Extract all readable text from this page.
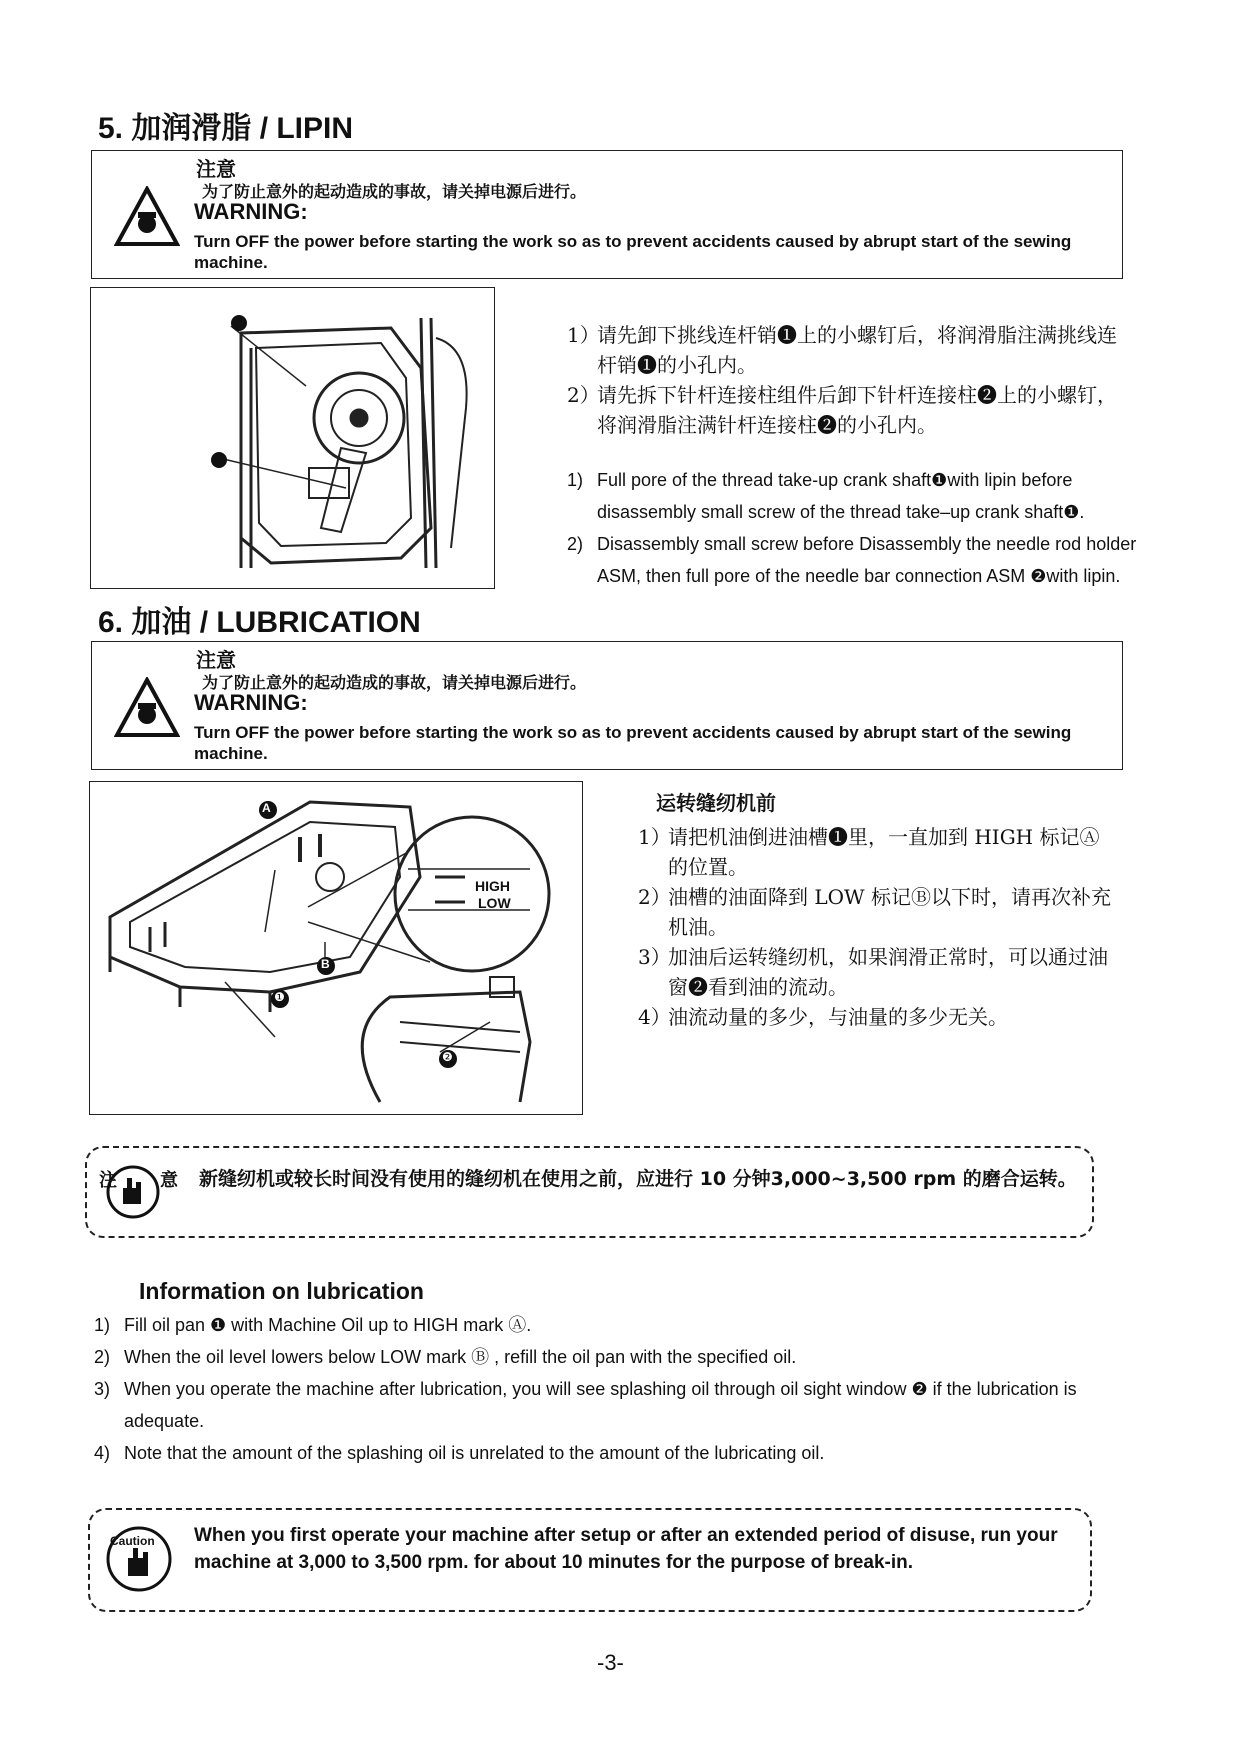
5. 加润滑脂 / LIPIN
注意
为了防止意外的起动造成的事故，请关掉电源后进行。
WARNING:
Turn OFF the power before starting the work so as to prevent accidents caused by abrupt start of the sewing machine.
1）
请先卸下挑线连杆销❶上的小螺钉后，将润滑脂注满挑线连杆销❶的小孔内。
2）
请先拆下针杆连接柱组件后卸下针杆连接柱❷上的小螺钉，将润滑脂注满针杆连接柱❷的小孔内。
1) Full pore of the thread take-up crank shaft❶with lipin before disassembly small screw of the thread take–up crank shaft❶.
2) Disassembly small screw before Disassembly the needle rod holder ASM, then full pore of the needle bar connection ASM ❷with lipin.
6. 加油 / LUBRICATION
注意
为了防止意外的起动造成的事故，请关掉电源后进行。
WARNING:
Turn OFF the power before starting the work so as to prevent accidents caused by abrupt start of the sewing machine.
HIGH
LOW
A
B
❶
❷
运转缝纫机前
1）
请把机油倒进油槽❶里，一直加到 HIGH 标记Ⓐ的位置。
2）
油槽的油面降到 LOW 标记Ⓑ以下时，请再次补充机油。
3）
加油后运转缝纫机，如果润滑正常时，可以通过油窗❷看到油的流动。
4）
油流动量的多少，与油量的多少无关。
注 意 新缝纫机或较长时间没有使用的缝纫机在使用之前，应进行 10 分钟3,000~3,500 rpm 的磨合运转。
Information on lubrication
1) Fill oil pan ❶ with Machine Oil up to HIGH mark Ⓐ.
2) When the oil level lowers below LOW mark Ⓑ , refill the oil pan with the specified oil.
3) When you operate the machine after lubrication, you will see splashing oil through oil sight window ❷ if the lubrication is adequate.
4) Note that the amount of the splashing oil is unrelated to the amount of the lubricating oil.
Caution When you first operate your machine after setup or after an extended period of disuse, run your machine at 3,000 to 3,500 rpm. for about 10 minutes for the purpose of break-in.
-3-
